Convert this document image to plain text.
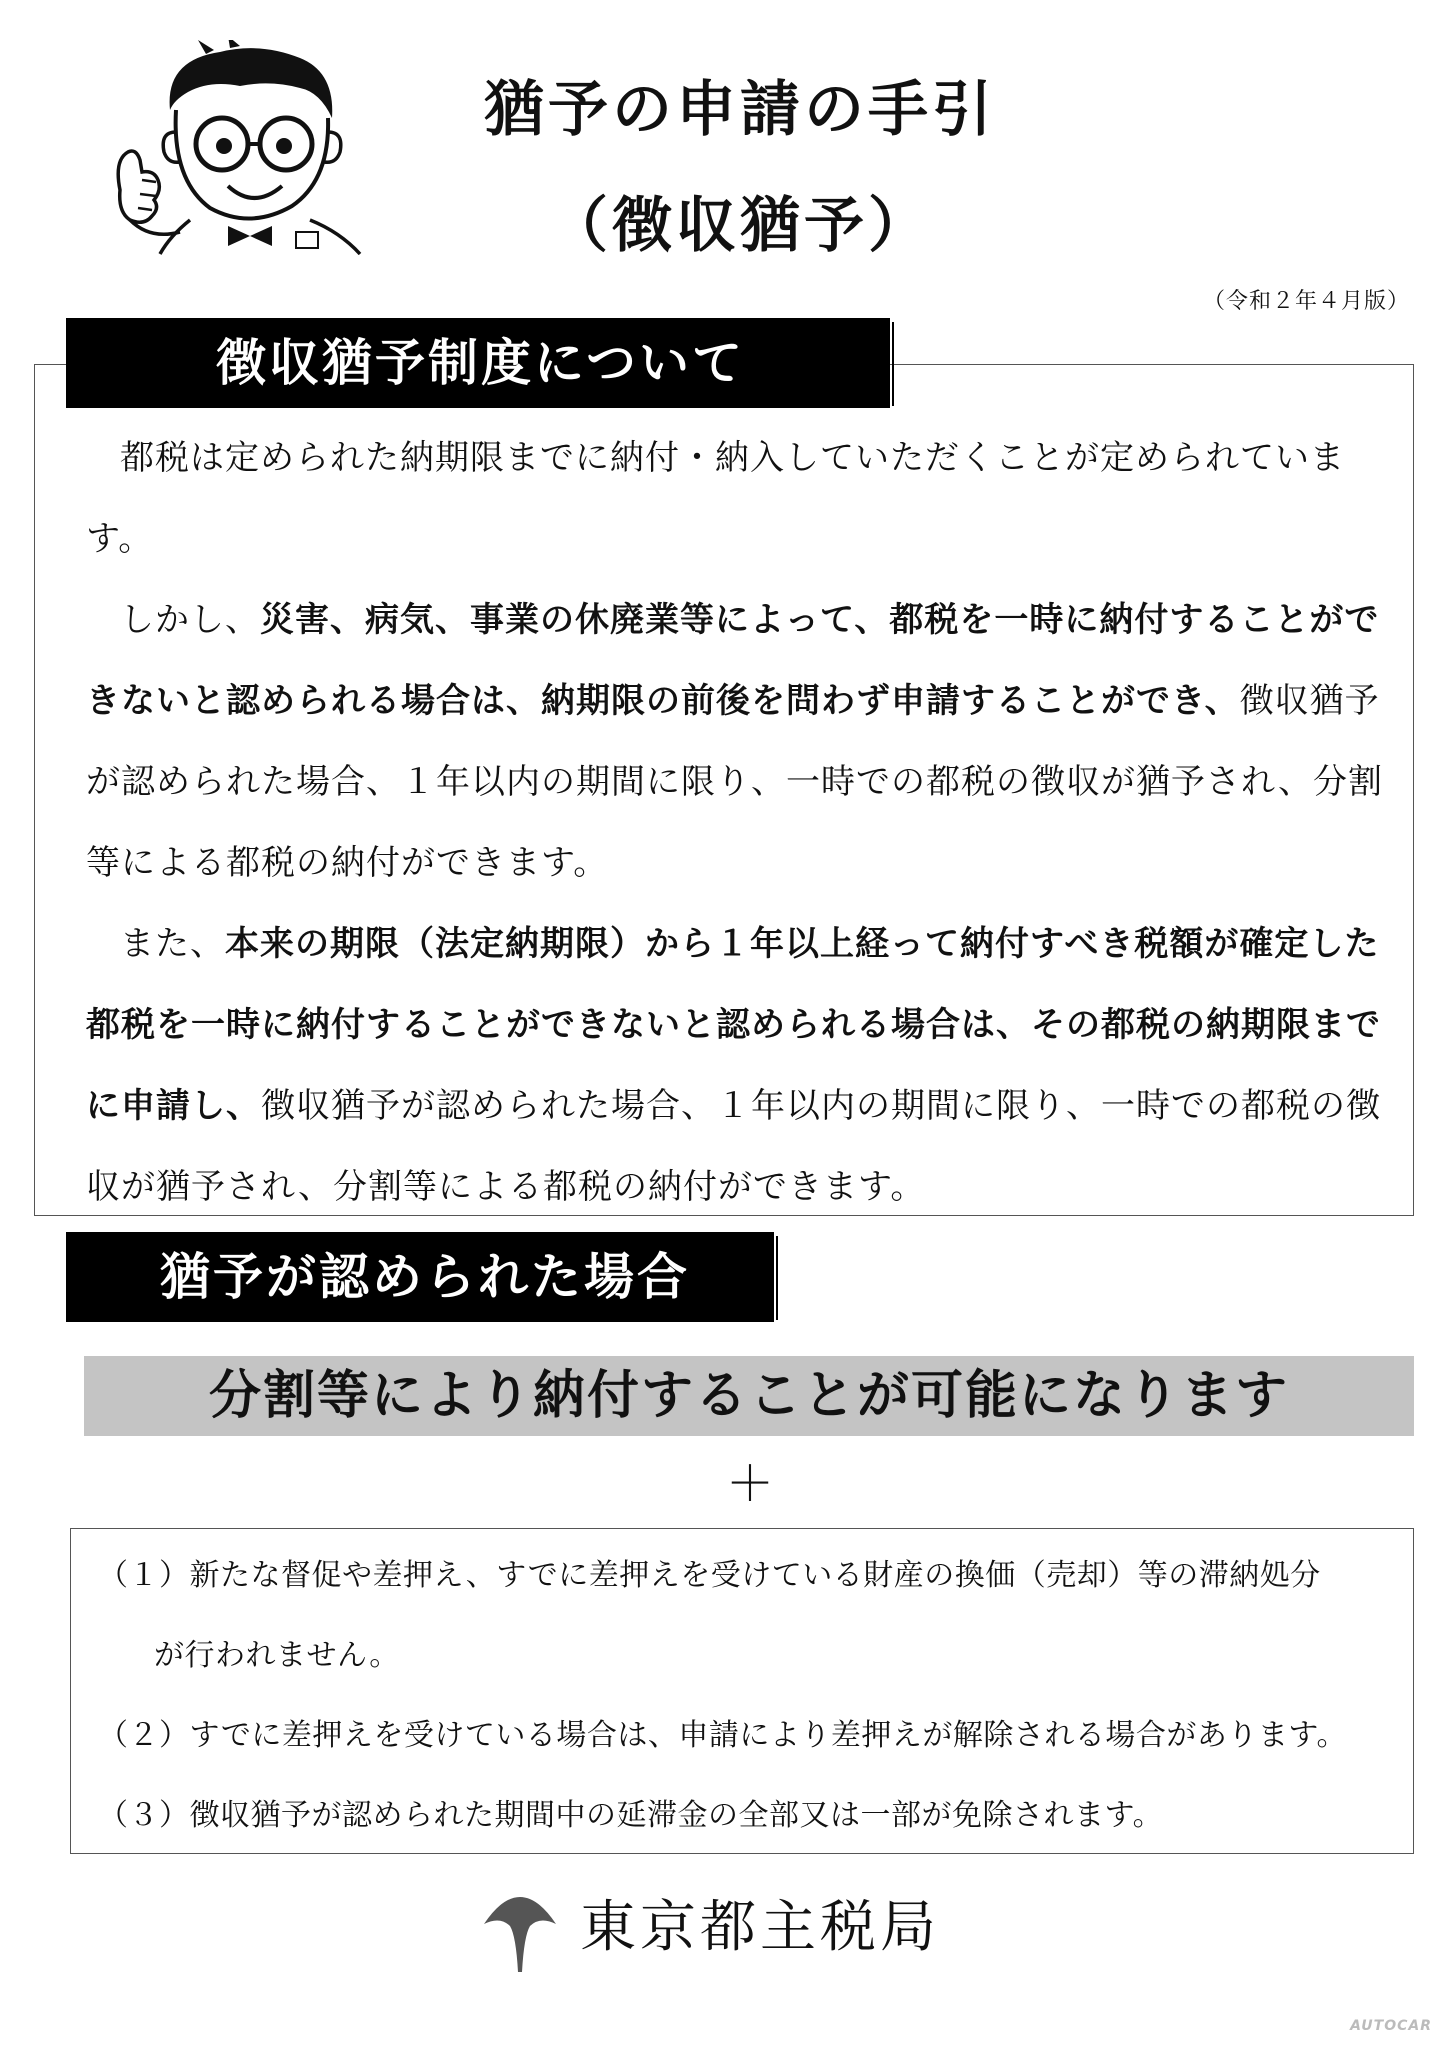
猶予の申請の手引
（徴収猶予）
（令和２年４月版）
徴収猶予制度について

都税は定められた納期限までに納付・納入していただくことが定められています。

しかし、災害、病気、事業の休廃業等によって、都税を一時に納付することができないと認められる場合は、納期限の前後を問わず申請することができ、徴収猶予が認められた場合、１年以内の期間に限り、一時での都税の徴収が猶予され、分割等による都税の納付ができます。

また、本来の期限（法定納期限）から１年以上経って納付すべき税額が確定した都税を一時に納付することができないと認められる場合は、その都税の納期限までに申請し、徴収猶予が認められた場合、１年以内の期間に限り、一時での都税の徴収が猶予され、分割等による都税の納付ができます。

猶予が認められた場合
分割等により納付することが可能になります
＋
（１）新たな督促や差押え、すでに差押えを受けている財産の換価（売却）等の滞納処分
が行われません。
（２）すでに差押えを受けている場合は、申請により差押えが解除される場合があります。
（３）徴収猶予が認められた期間中の延滞金の全部又は一部が免除されます。
東京都主税局
AUTOCAR
